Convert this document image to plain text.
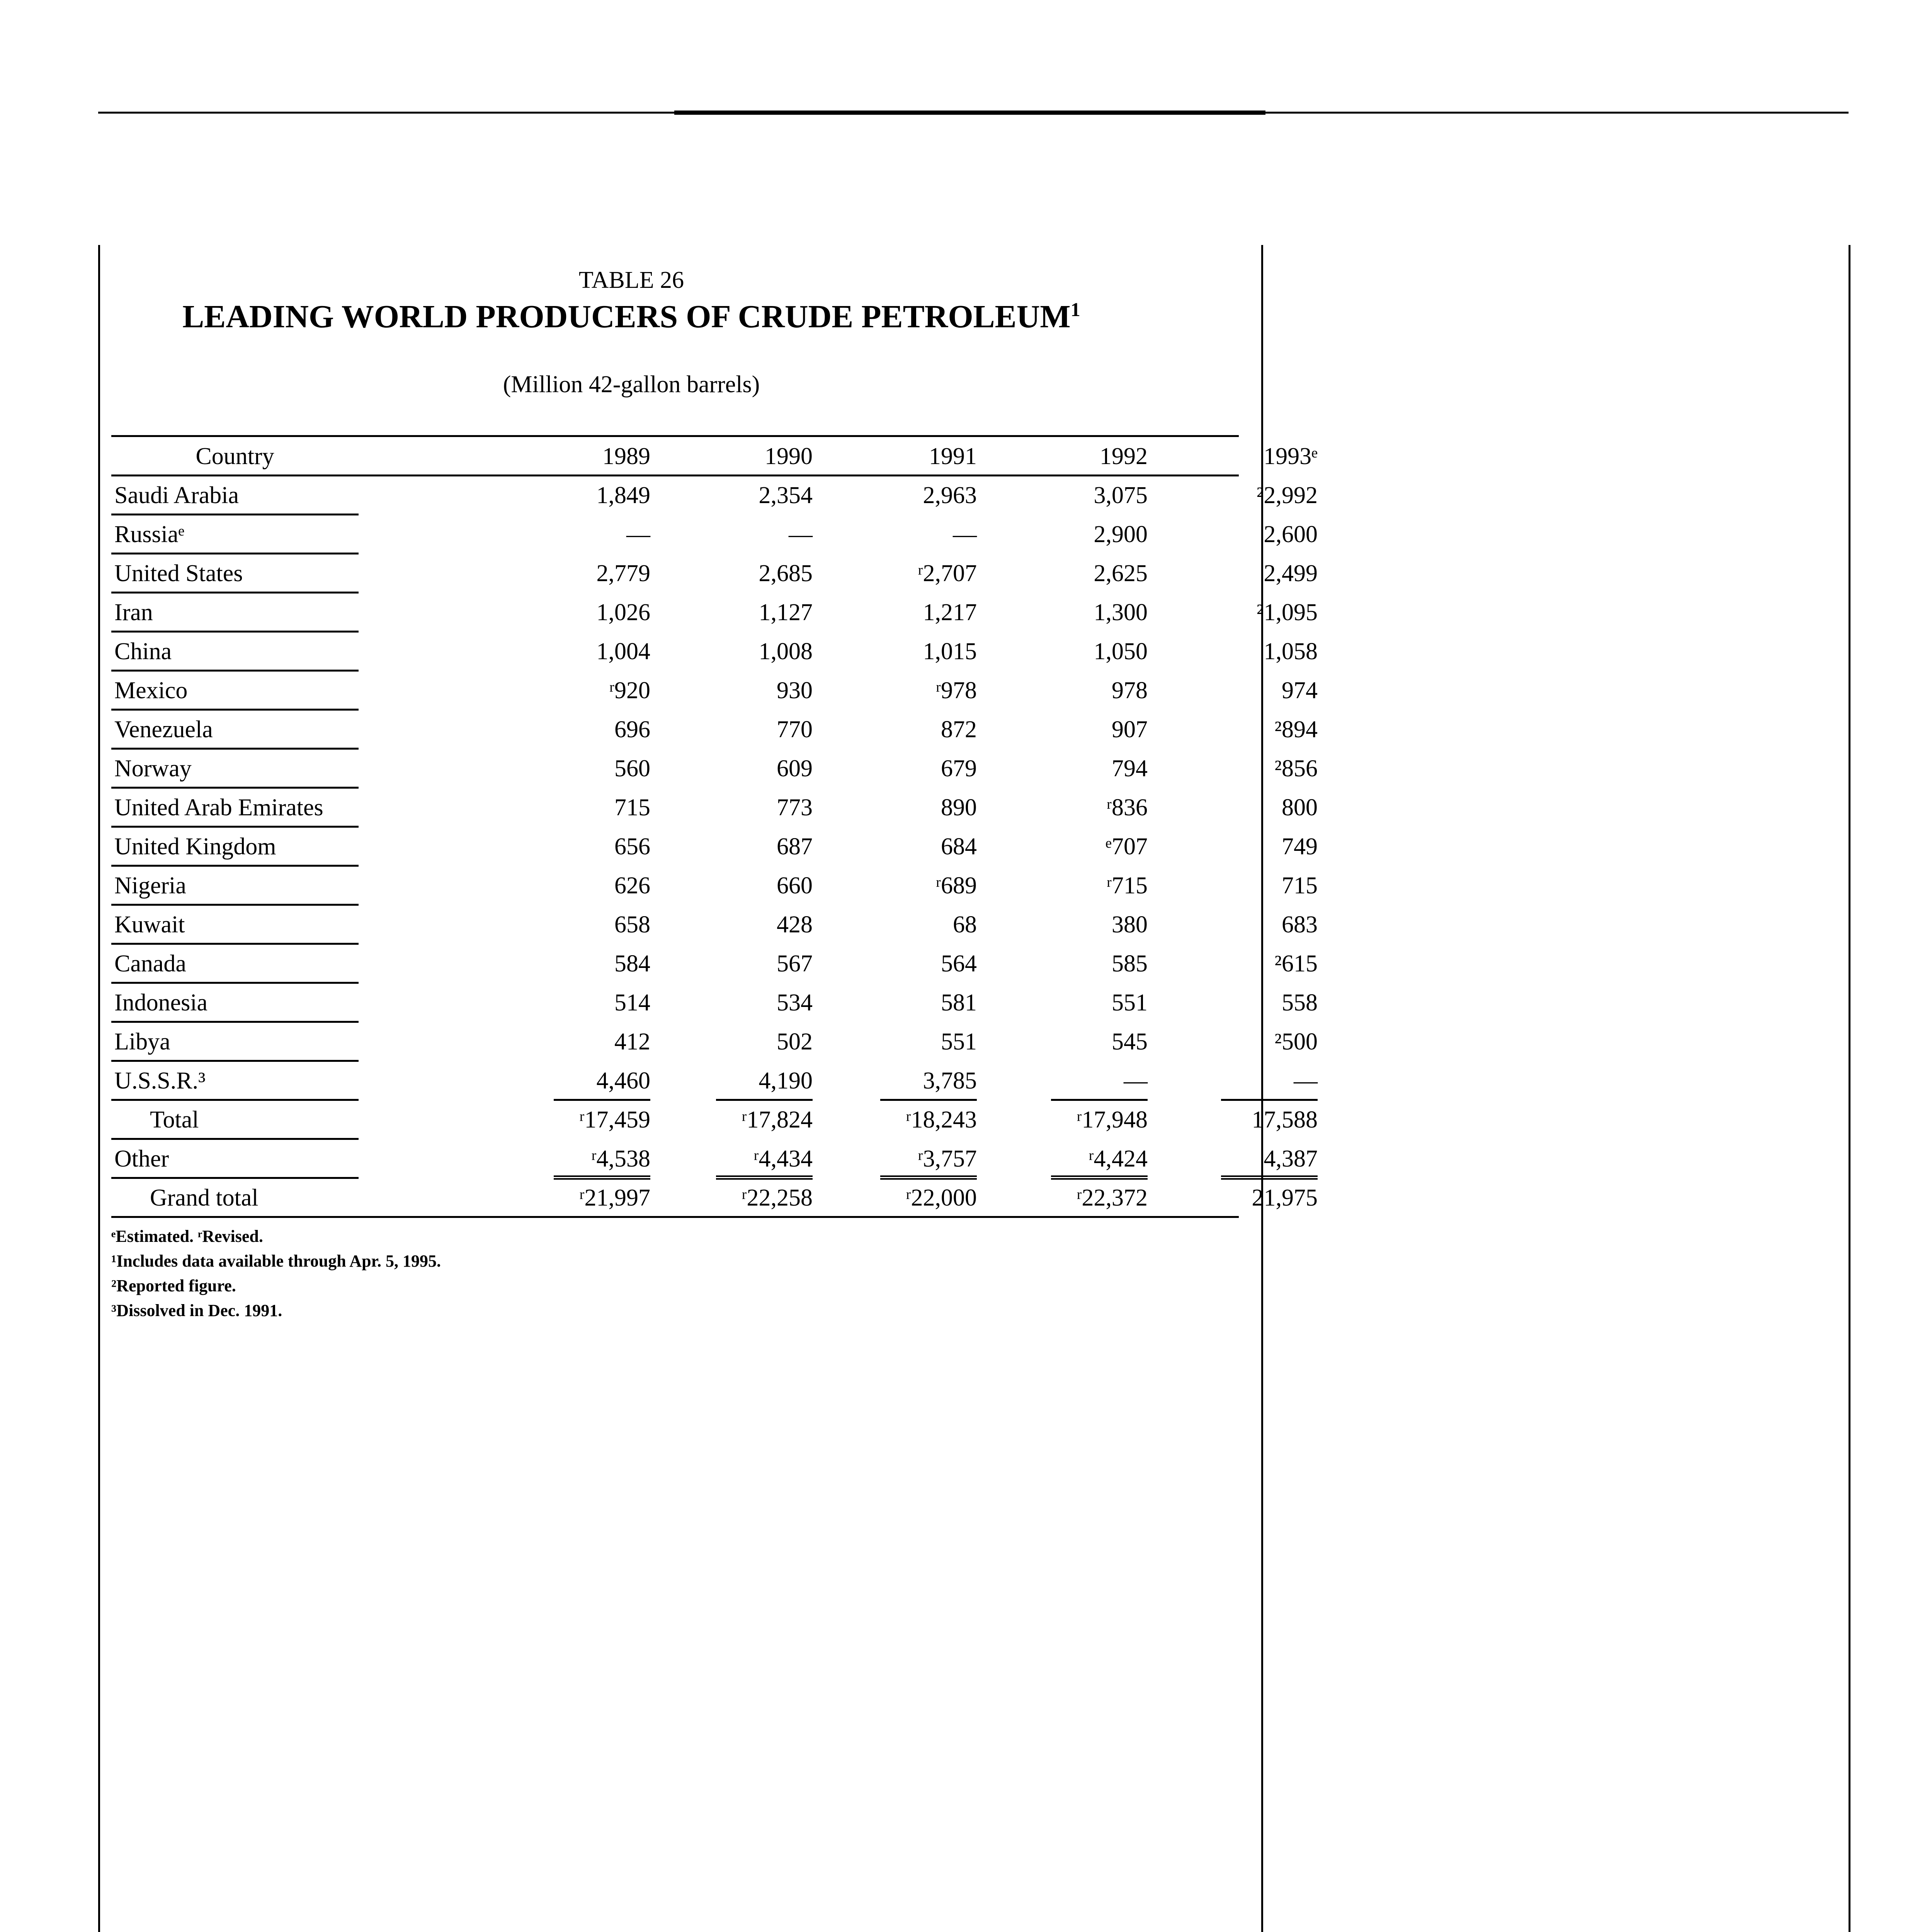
TABLE 26
LEADING WORLD PRODUCERS OF CRUDE PETROLEUM$^1$
(Million 42-gallon barrels)
Country	1989	1990	1991	1992	1993ᵉ
Saudi Arabia	1,849	2,354	2,963	3,075	²2,992
Russiaᵉ	—	—	—	2,900	2,600
United States	2,779	2,685	ʳ2,707	2,625	2,499
Iran	1,026	1,127	1,217	1,300	²1,095
China	1,004	1,008	1,015	1,050	1,058
Mexico	ʳ920	930	ʳ978	978	974
Venezuela	696	770	872	907	²894
Norway	560	609	679	794	²856
United Arab Emirates	715	773	890	ʳ836	800
United Kingdom	656	687	684	ᵉ707	749
Nigeria	626	660	ʳ689	ʳ715	715
Kuwait	658	428	68	380	683
Canada	584	567	564	585	²615
Indonesia	514	534	581	551	558
Libya	412	502	551	545	²500
U.S.S.R.³	4,460	4,190	3,785	—	—
Total	ʳ17,459	ʳ17,824	ʳ18,243	ʳ17,948	17,588
Other	ʳ4,538	ʳ4,434	ʳ3,757	ʳ4,424	4,387
Grand total	ʳ21,997	ʳ22,258	ʳ22,000	ʳ22,372	21,975
ᵉEstimated. ʳRevised.
¹Includes data available through Apr. 5, 1995.
²Reported figure.
³Dissolved in Dec. 1991.
